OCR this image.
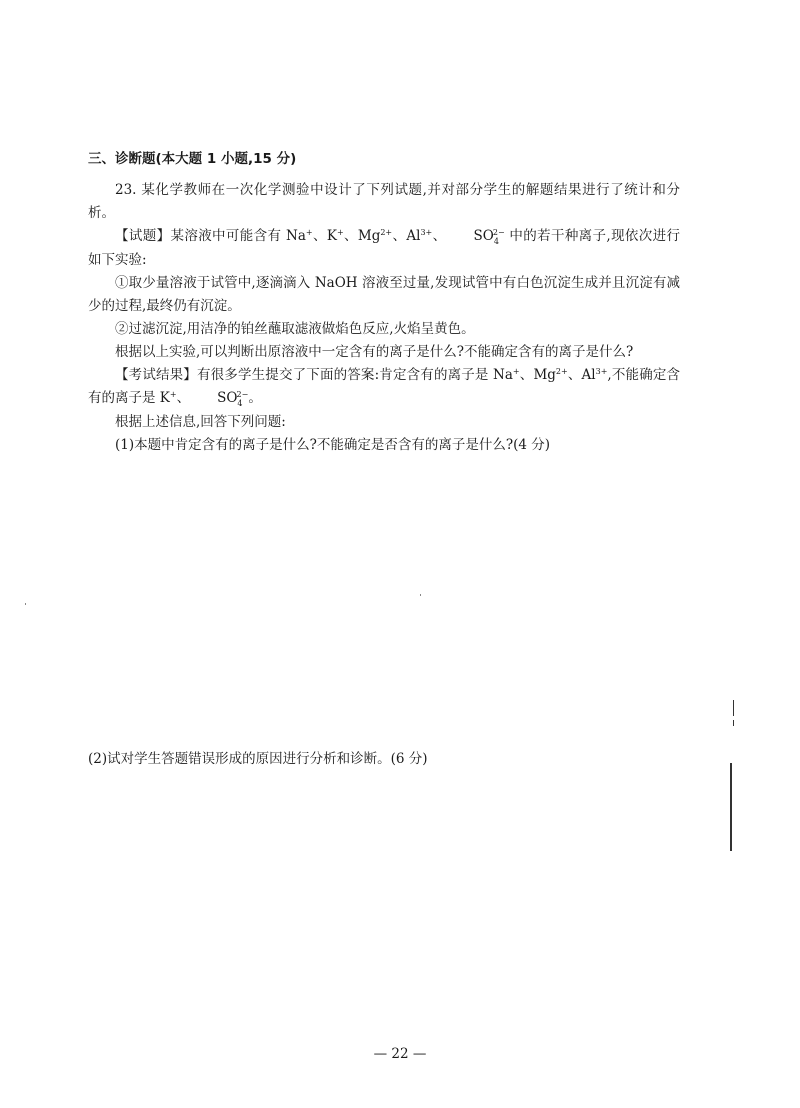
三、诊断题(本大题 1 小题,15 分)

23. 某化学教师在一次化学测验中设计了下列试题,并对部分学生的解题结果进行了统计和分析。

【试题】某溶液中可能含有 Na+、K+、$Mg^{2+}$、$Al^{3+}$、 $SO_4^{2-}$ 中的若干种离子,现依次进行如下实验:

①取少量溶液于试管中,逐滴滴入 NaOH 溶液至过量,发现试管中有白色沉淀生成并且沉淀有减少的过程,最终仍有沉淀。

②过滤沉淀,用洁净的铂丝蘸取滤液做焰色反应,火焰呈黄色。

根据以上实验,可以判断出原溶液中一定含有的离子是什么?不能确定含有的离子是什么?

【考试结果】有很多学生提交了下面的答案:肯定含有的离子是 Na+、$Mg^{2+}$、$Al^{3+}$,不能确定含有的离子是 K+、 $SO_4^{2-}$。

根据上述信息,回答下列问题:

(1)本题中肯定含有的离子是什么?不能确定是否含有的离子是什么?(4 分)

(2)试对学生答题错误形成的原因进行分析和诊断。(6 分)

— 22 —
